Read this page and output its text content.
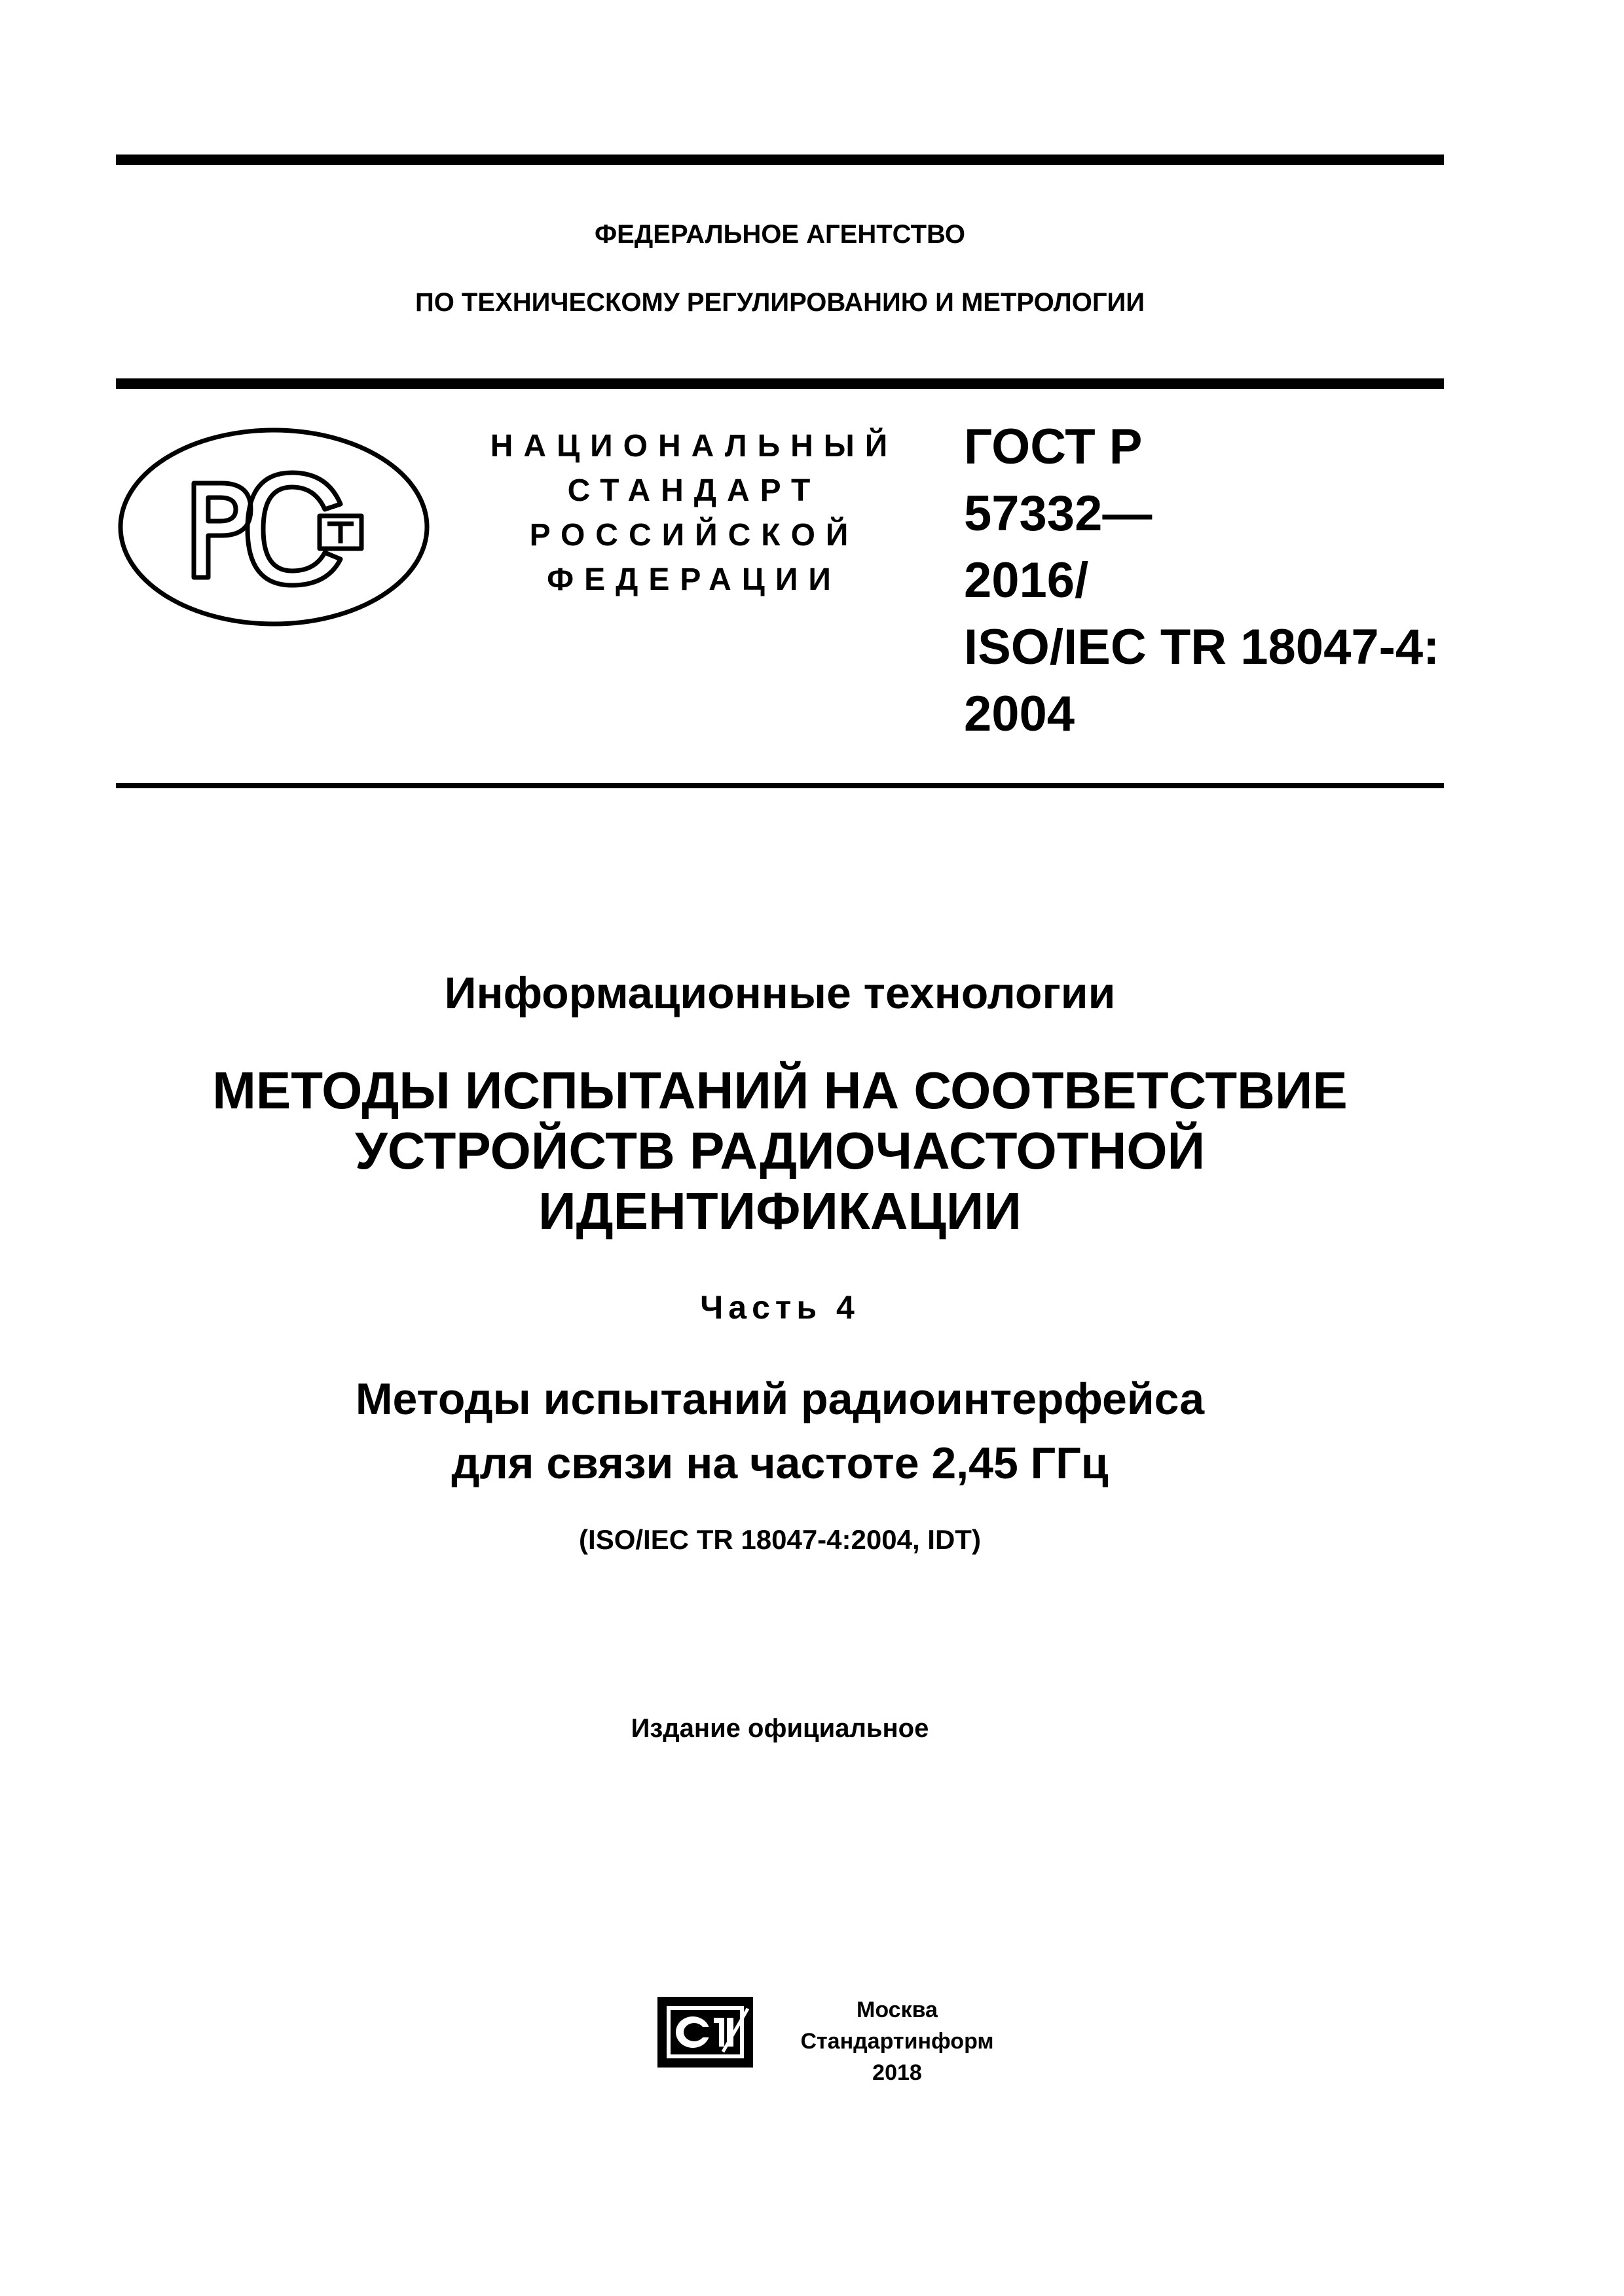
ФЕДЕРАЛЬНОЕ АГЕНТСТВО
ПО ТЕХНИЧЕСКОМУ РЕГУЛИРОВАНИЮ И МЕТРОЛОГИИ
НАЦИОНАЛЬНЫЙ
СТАНДАРТ
РОССИЙСКОЙ
ФЕДЕРАЦИИ
ГОСТ Р
57332—
2016/
ISO/IEC TR 18047-4:
2004
Информационные технологии
МЕТОДЫ ИСПЫТАНИЙ НА СООТВЕТСТВИЕ
УСТРОЙСТВ РАДИОЧАСТОТНОЙ
ИДЕНТИФИКАЦИИ
Часть 4
Методы испытаний радиоинтерфейса
для связи на частоте 2,45 ГГц
(ISO/IEC TR 18047-4:2004, IDT)
Издание официальное
Москва
Стандартинформ
2018
